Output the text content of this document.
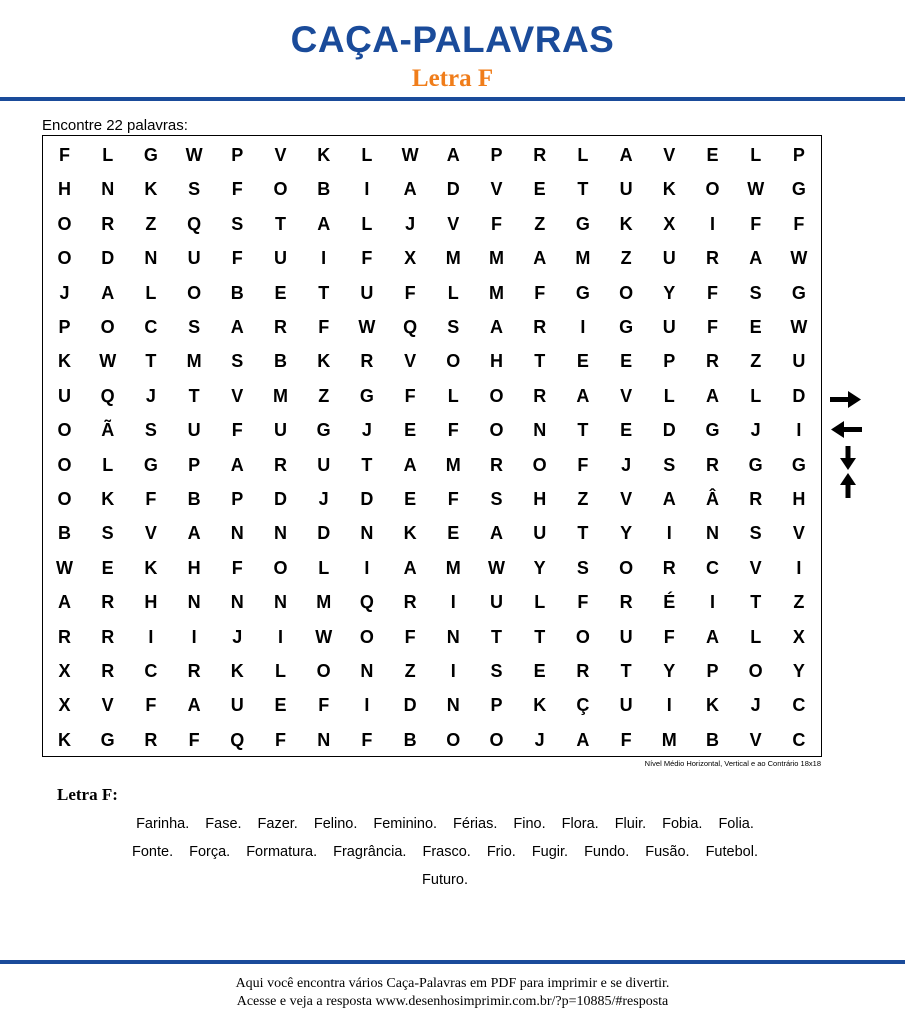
CAÇA-PALAVRAS
Letra F
Encontre 22 palavras:
F	L	G	W	P	V	K	L	W	A	P	R	L	A	V	E	L	P
H	N	K	S	F	O	B	I	A	D	V	E	T	U	K	O	W	G
O	R	Z	Q	S	T	A	L	J	V	F	Z	G	K	X	I	F	F
O	D	N	U	F	U	I	F	X	M	M	A	M	Z	U	R	A	W
J	A	L	O	B	E	T	U	F	L	M	F	G	O	Y	F	S	G
P	O	C	S	A	R	F	W	Q	S	A	R	I	G	U	F	E	W
K	W	T	M	S	B	K	R	V	O	H	T	E	E	P	R	Z	U
U	Q	J	T	V	M	Z	G	F	L	O	R	A	V	L	A	L	D
O	Ã	S	U	F	U	G	J	E	F	O	N	T	E	D	G	J	I
O	L	G	P	A	R	U	T	A	M	R	O	F	J	S	R	G	G
O	K	F	B	P	D	J	D	E	F	S	H	Z	V	A	Â	R	H
B	S	V	A	N	N	D	N	K	E	A	U	T	Y	I	N	S	V
W	E	K	H	F	O	L	I	A	M	W	Y	S	O	R	C	V	I
A	R	H	N	N	N	M	Q	R	I	U	L	F	R	É	I	T	Z
R	R	I	I	J	I	W	O	F	N	T	T	O	U	F	A	L	X
X	R	C	R	K	L	O	N	Z	I	S	E	R	T	Y	P	O	Y
X	V	F	A	U	E	F	I	D	N	P	K	Ç	U	I	K	J	C
K	G	R	F	Q	F	N	F	B	O	O	J	A	F	M	B	V	C
Nível Médio Horizontal, Vertical e ao Contrário 18x18
Letra F:
Farinha. Fase. Fazer. Felino. Feminino. Férias. Fino. Flora. Fluir. Fobia. Folia.
Fonte. Força. Formatura. Fragrância. Frasco. Frio. Fugir. Fundo. Fusão. Futebol.
Futuro.
Aqui você encontra vários Caça-Palavras em PDF para imprimir e se divertir.
Acesse e veja a resposta www.desenhosimprimir.com.br/?p=10885/#resposta
